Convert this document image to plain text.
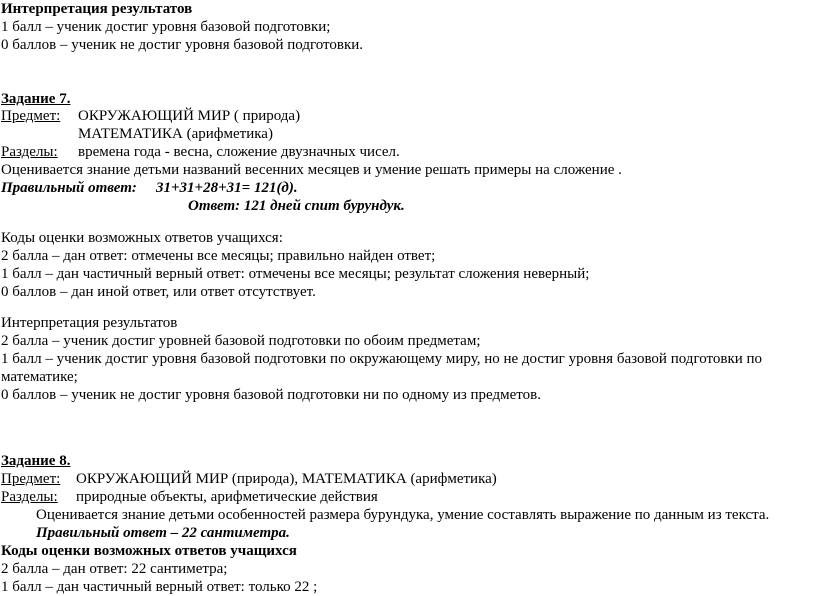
Интерпретация результатов
1 балл – ученик достиг уровня базовой подготовки;
0 баллов – ученик не достиг уровня базовой подготовки.
Задание 7.
Предмет: ОКРУЖАЮЩИЙ МИР ( природа)
МАТЕМАТИКА (арифметика)
Разделы: времена года - весна, сложение двузначных чисел.
Оценивается знание детьми названий весенних месяцев и умение решать примеры на сложение .
Правильный ответ: 31+31+28+31= 121(д).
Ответ: 121 дней спит бурундук.
Коды оценки возможных ответов учащихся:
2 балла – дан ответ: отмечены все месяцы; правильно найден ответ;
1 балл – дан частичный верный ответ: отмечены все месяцы; результат сложения неверный;
0 баллов – дан иной ответ, или ответ отсутствует.
Интерпретация результатов
2 балла – ученик достиг уровней базовой подготовки по обоим предметам;
1 балл – ученик достиг уровня базовой подготовки по окружающему миру, но не достиг уровня базовой подготовки по
математике;
0 баллов – ученик не достиг уровня базовой подготовки ни по одному из предметов.
Задание 8.
Предмет: ОКРУЖАЮЩИЙ МИР (природа), МАТЕМАТИКА (арифметика)
Разделы: природные объекты, арифметические действия
Оценивается знание детьми особенностей размера бурундука, умение составлять выражение по данным из текста.
Правильный ответ – 22 сантиметра.
Коды оценки возможных ответов учащихся
2 балла – дан ответ: 22 сантиметра;
1 балл – дан частичный верный ответ: только 22 ;
